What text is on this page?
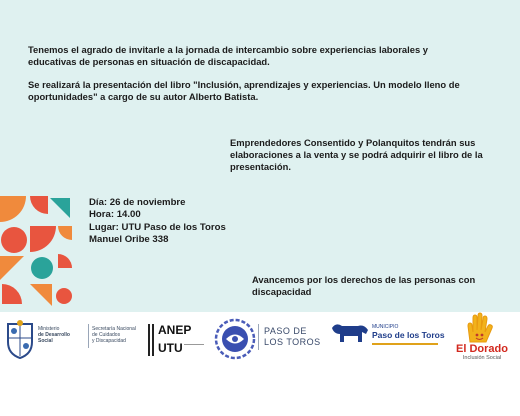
Tenemos el agrado de invitarle a la jornada de intercambio sobre experiencias laborales y educativas de personas en situación de discapacidad.

Se realizará la presentación del libro "Inclusión, aprendizajes y experiencias. Un modelo lleno de oportunidades" a cargo de su autor Alberto Batista.

Emprendedores Consentido y Polanquitos tendrán sus elaboraciones a la venta y se podrá adquirir el libro de la presentación.

Día: 26 de noviembre
Hora: 14.00
Lugar: UTU Paso de los Toros
Manuel Oribe 338

Avancemos por los derechos de las personas con discapacidad

Ministerio
de Desarrollo
Social
Secretaría Nacional
de Cuidados
y Discapacidad
ANEP
UTU
PASO DE
LOS TOROS
MUNICIPIO
Paso de los Toros
El Dorado
Inclusión Social
